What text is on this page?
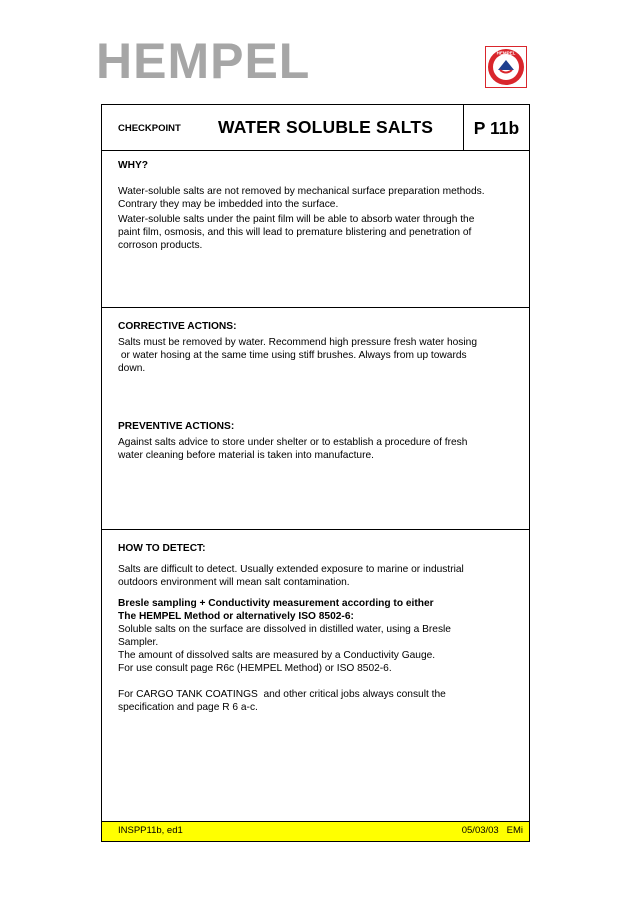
HEMPEL	HEMPEL
CHECKPOINT WATER SOLUBLE SALTS	P 11b

WHY?

Water-soluble salts are not removed by mechanical surface preparation methods.

Contrary they may be imbedded into the surface.

Water-soluble salts under the paint film will be able to absorb water through the

paint film, osmosis, and this will lead to premature blistering and penetration of

corroson products.

CORRECTIVE ACTIONS:

Salts must be removed by water. Recommend high pressure fresh water hosing

or water hosing at the same time using stiff brushes. Always from up towards

down.

PREVENTIVE ACTIONS:

Against salts advice to store under shelter or to establish a procedure of fresh

water cleaning before material is taken into manufacture.

HOW TO DETECT:

Salts are difficult to detect. Usually extended exposure to marine or industrial

outdoors environment will mean salt contamination.

Bresle sampling + Conductivity measurement according to either

The HEMPEL Method or alternatively ISO 8502-6:

Soluble salts on the surface are dissolved in distilled water, using a Bresle

Sampler.

The amount of dissolved salts are measured by a Conductivity Gauge.

For use consult page R6c (HEMPEL Method) or ISO 8502-6.

For CARGO TANK COATINGS  and other critical jobs always consult the

specification and page R 6 a-c.

INSPP11b, ed1	05/03/03   EMi
